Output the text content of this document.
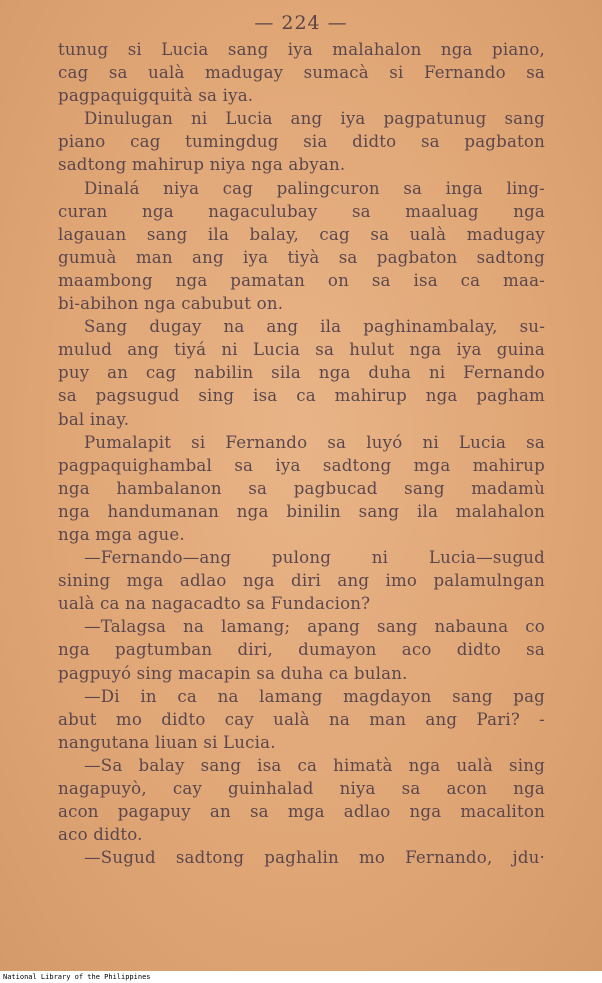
— 224 —
tunug si Lucia sang iya malahalon nga piano,
cag sa ualà madugay sumacà si Fernando sa
pagpaquigquità sa iya.
Dinulugan ni Lucia ang iya pagpatunug sang
piano cag tumingdug sia didto sa pagbaton
sadtong mahirup niya nga abyan.
Dinalá niya cag palingcuron sa inga ling-
curan nga nagaculubay sa maaluag nga
lagauan sang ila balay, cag sa ualà madugay
gumuà man ang iya tiyà sa pagbaton sadtong
maambong nga pamatan on sa isa ca maa-
bi-abihon nga cabubut on.
Sang dugay na ang ila paghinambalay, su-
mulud ang tiyá ni Lucia sa hulut nga iya guina
puy an cag nabilin sila nga duha ni Fernando
sa pagsugud sing isa ca mahirup nga pagham
bal inay.
Pumalapit si Fernando sa luyó ni Lucia sa
pagpaquighambal sa iya sadtong mga mahirup
nga hambalanon sa pagbucad sang madamù
nga handumanan nga binilin sang ila malahalon
nga mga ague.
—Fernando—ang pulong ni Lucia—sugud
sining mga adlao nga diri ang imo palamulngan
ualà ca na nagacadto sa Fundacion?
—Talagsa na lamang; apang sang nabauna co
nga pagtumban diri, dumayon aco didto sa
pagpuyó sing macapin sa duha ca bulan.
—Di in ca na lamang magdayon sang pag
abut mo didto cay ualà na man ang Pari? -
nangutana liuan si Lucia.
—Sa balay sang isa ca himatà nga ualà sing
nagapuyò, cay guinhalad niya sa acon nga
acon pagapuy an sa mga adlao nga macaliton
aco didto.
—Sugud sadtong paghalin mo Fernando, jdu·
National Library of the Philippines
